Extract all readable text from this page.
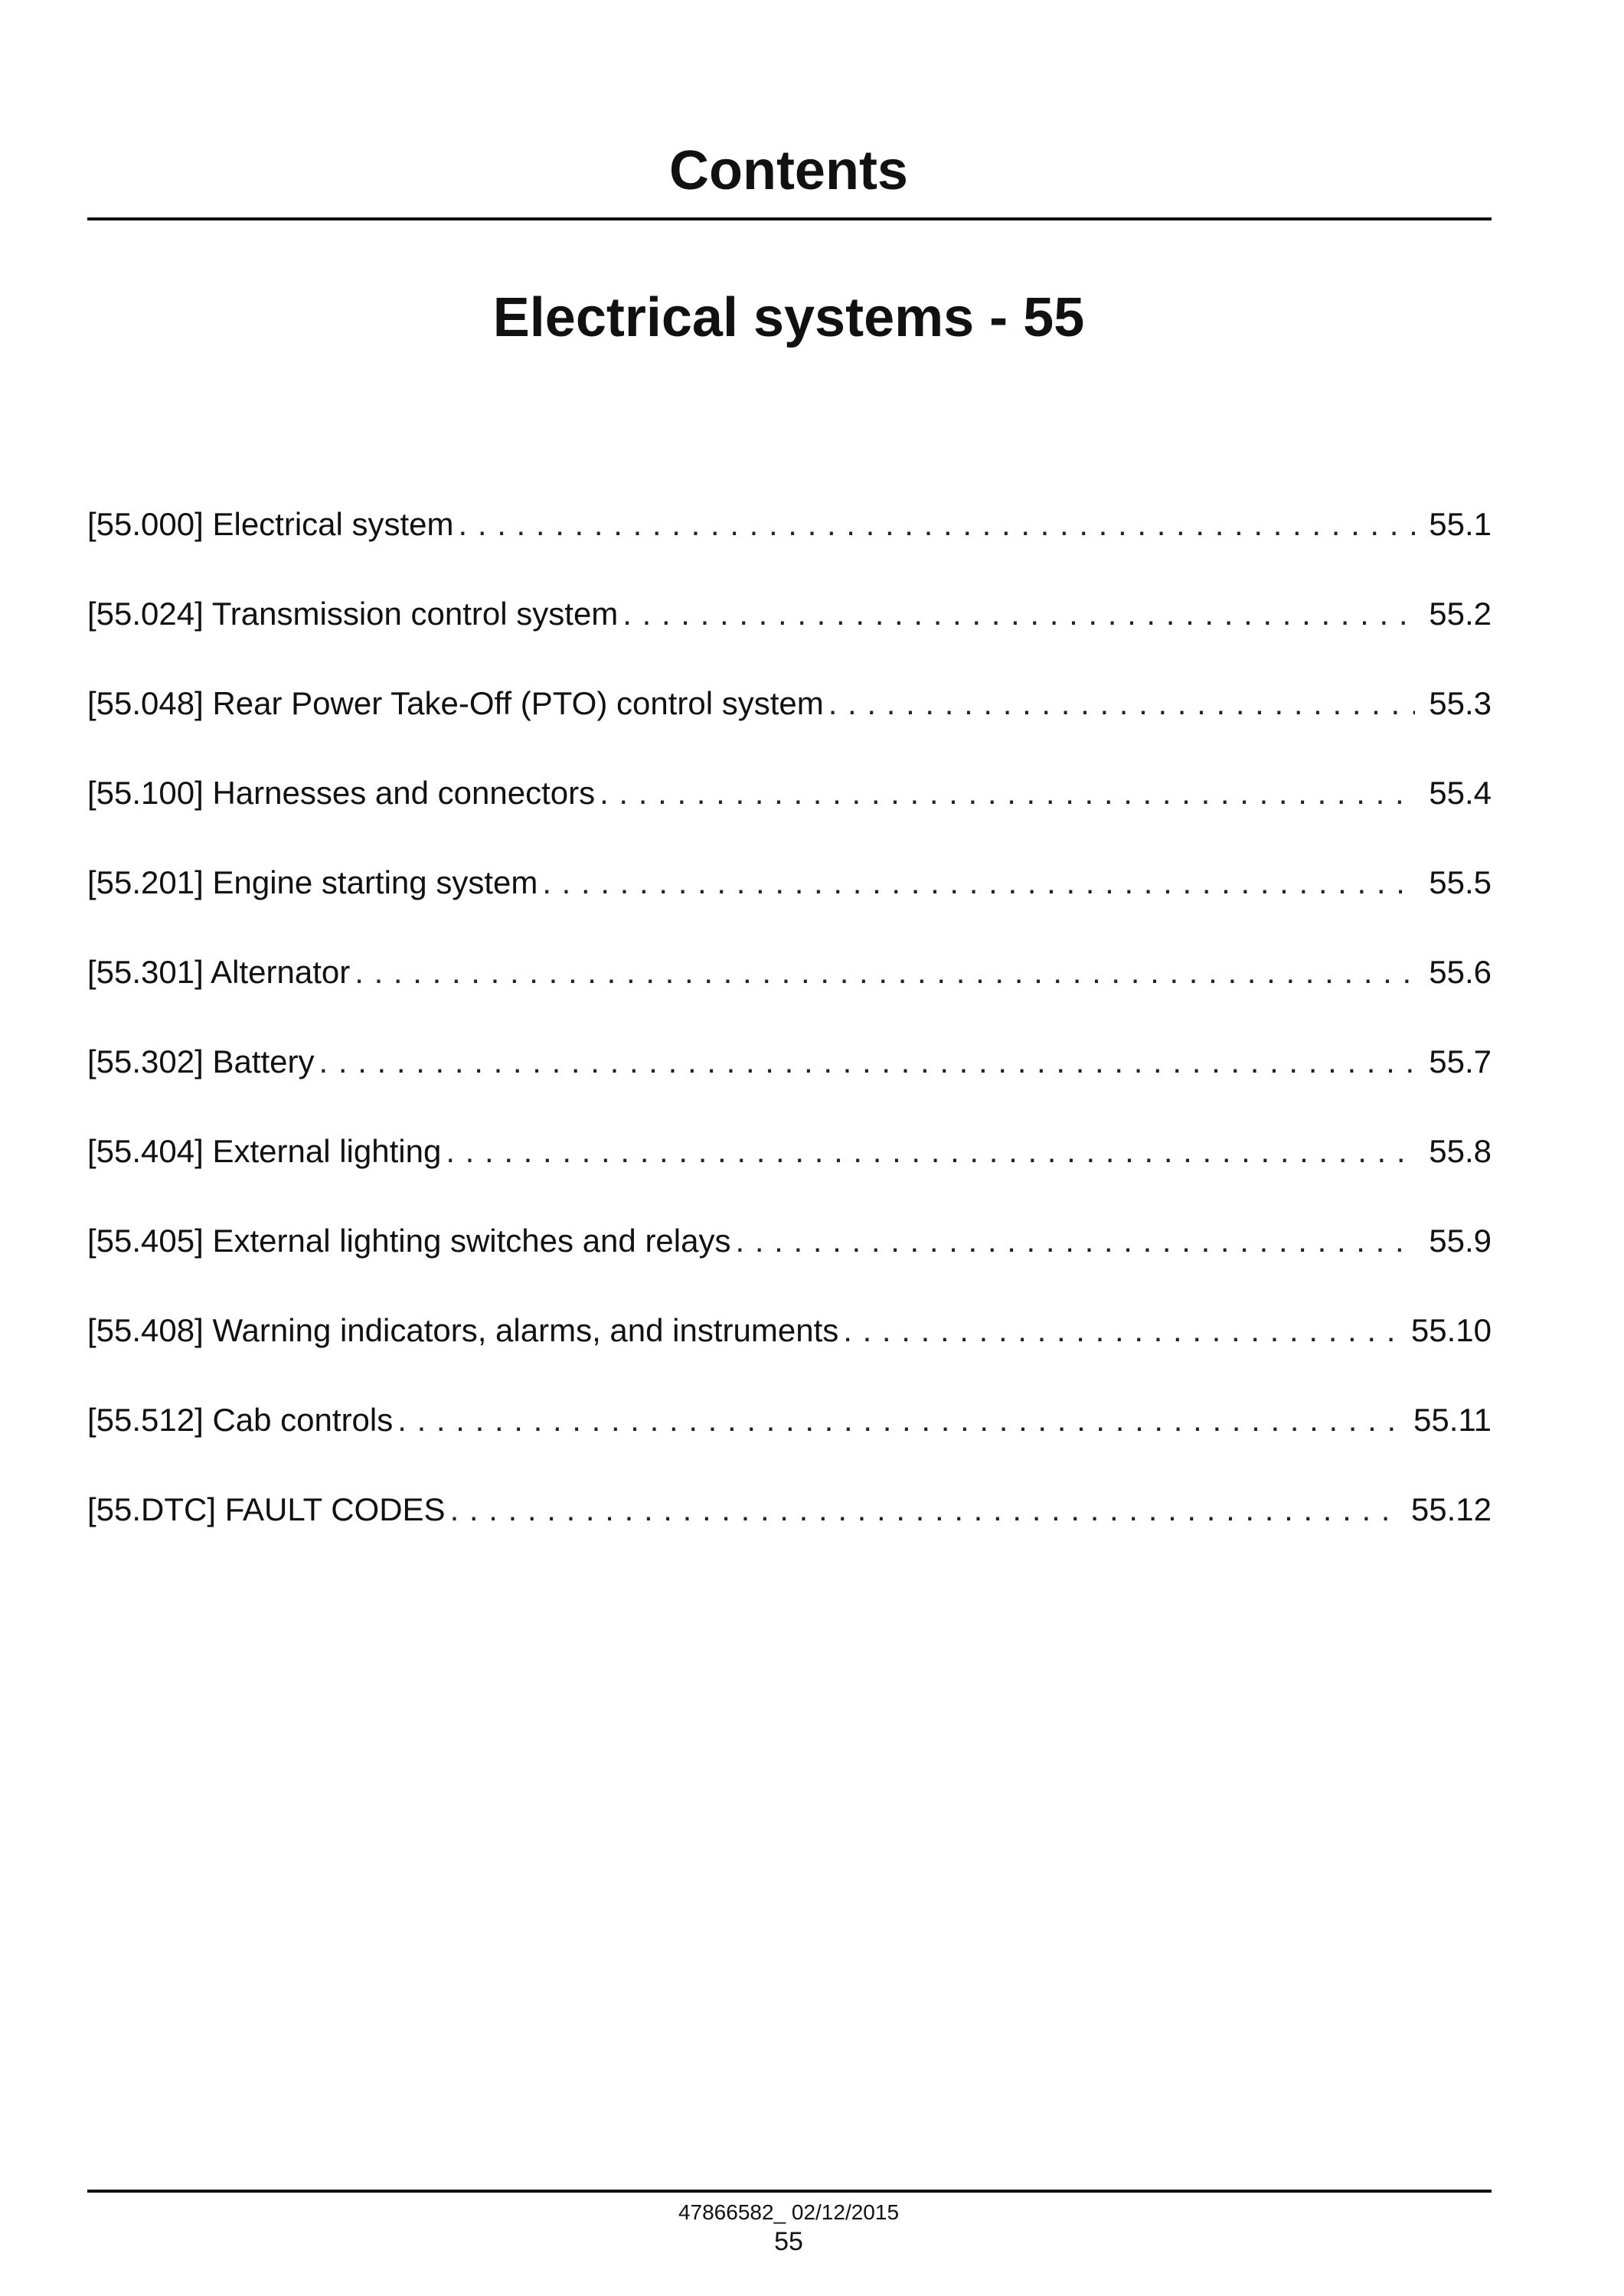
Contents
Electrical systems - 55
[55.000] Electrical system . . .	55.1
[55.024] Transmission control system . . .	55.2
[55.048] Rear Power Take-Off (PTO) control system . . .	55.3
[55.100] Harnesses and connectors . . .	55.4
[55.201] Engine starting system . . .	55.5
[55.301] Alternator . . .	55.6
[55.302] Battery . . .	55.7
[55.404] External lighting . . .	55.8
[55.405] External lighting switches and relays . . .	55.9
[55.408] Warning indicators, alarms, and instruments . . .	55.10
[55.512] Cab controls . . .	55.11
[55.DTC] FAULT CODES . . .	55.12
47866582_ 02/12/2015
55
